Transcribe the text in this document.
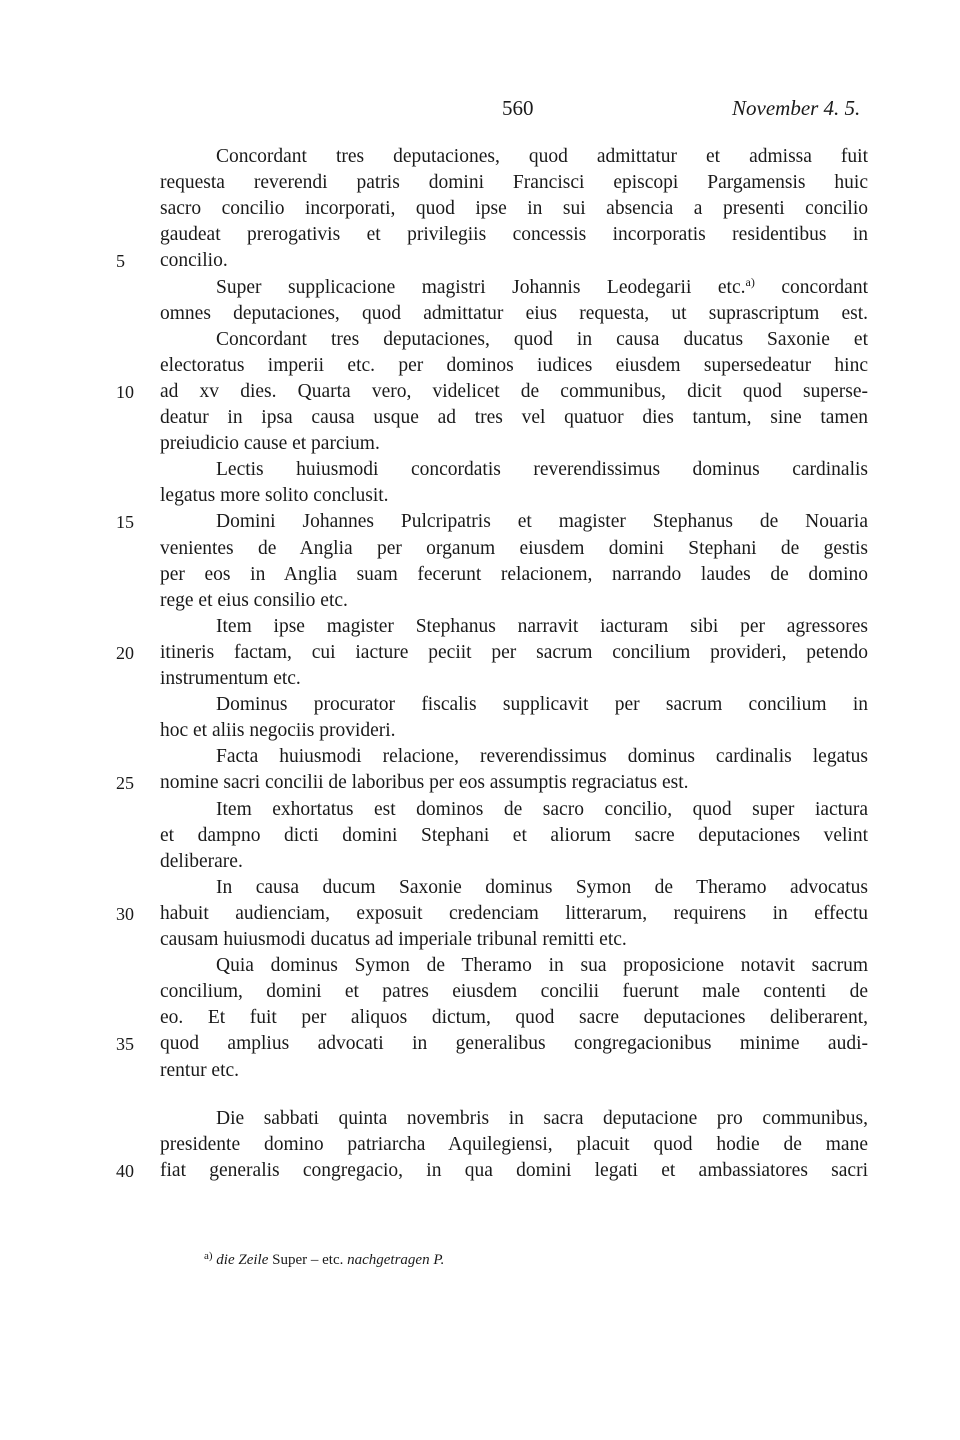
560	November 4. 5.
Concordant tres deputaciones, quod admittatur et admissa fuit
requesta reverendi patris domini Francisci episcopi Pargamensis huic
sacro concilio incorporati, quod ipse in sui absencia a presenti concilio
gaudeat prerogativis et privilegiis concessis incorporatis residentibus in
concilio.
5
Super supplicacione magistri Johannis Leodegarii etc.$^{a)}$ concordant
omnes deputaciones, quod admittatur eius requesta, ut suprascriptum est.
Concordant tres deputaciones, quod in causa ducatus Saxonie et
electoratus imperii etc. per dominos iudices eiusdem supersedeatur hinc
ad xv dies. Quarta vero, videlicet de communibus, dicit quod superse-
10
deatur in ipsa causa usque ad tres vel quatuor dies tantum, sine tamen
preiudicio cause et parcium.
Lectis huiusmodi concordatis reverendissimus dominus cardinalis
legatus more solito conclusit.
Domini Johannes Pulcripatris et magister Stephanus de Nouaria
15
venientes de Anglia per organum eiusdem domini Stephani de gestis
per eos in Anglia suam fecerunt relacionem, narrando laudes de domino
rege et eius consilio etc.
Item ipse magister Stephanus narravit iacturam sibi per agressores
itineris factam, cui iacture peciit per sacrum concilium provideri, petendo
20
instrumentum etc.
Dominus procurator fiscalis supplicavit per sacrum concilium in
hoc et aliis negociis provideri.
Facta huiusmodi relacione, reverendissimus dominus cardinalis legatus
nomine sacri concilii de laboribus per eos assumptis regraciatus est.
25
Item exhortatus est dominos de sacro concilio, quod super iactura
et dampno dicti domini Stephani et aliorum sacre deputaciones velint
deliberare.
In causa ducum Saxonie dominus Symon de Theramo advocatus
habuit audienciam, exposuit credenciam litterarum, requirens in effectu
30
causam huiusmodi ducatus ad imperiale tribunal remitti etc.
Quia dominus Symon de Theramo in sua proposicione notavit sacrum
concilium, domini et patres eiusdem concilii fuerunt male contenti de
eo. Et fuit per aliquos dictum, quod sacre deputaciones deliberarent,
quod amplius advocati in generalibus congregacionibus minime audi-
35
rentur etc.
Die sabbati quinta novembris in sacra deputacione pro communibus,
presidente domino patriarcha Aquilegiensi, placuit quod hodie de mane
fiat generalis congregacio, in qua domini legati et ambassiatores sacri
40
$^{a)}$ die Zeile Super – etc. nachgetragen P.
